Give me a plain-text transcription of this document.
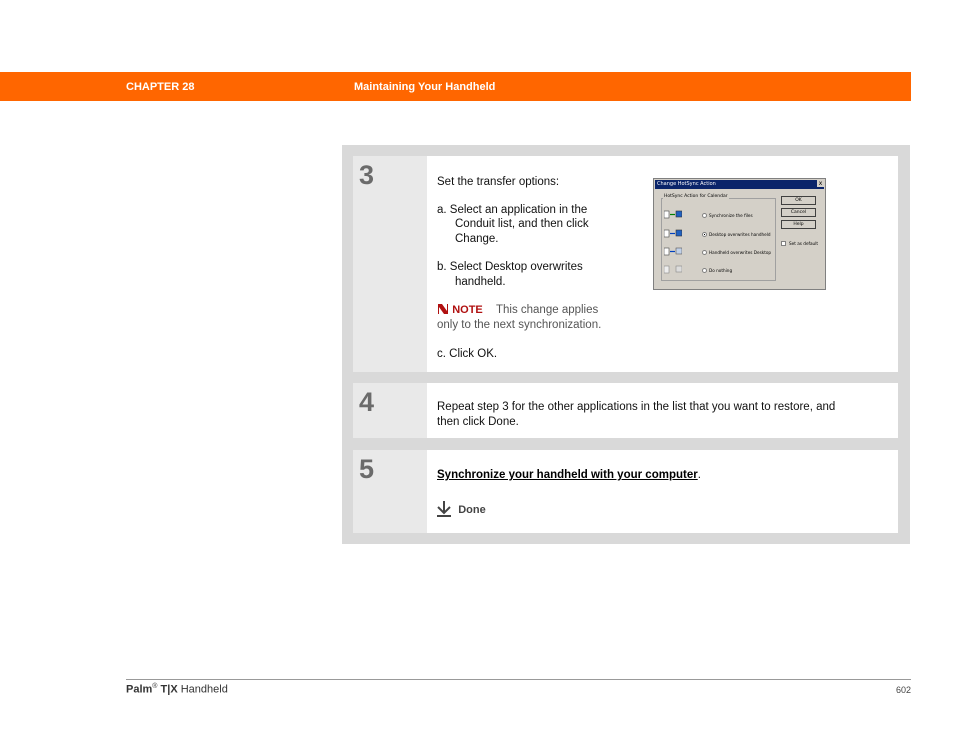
CHAPTER 28	Maintaining Your Handheld
3	Set the transfer options:
a. Select an application in the
Conduit list, and then click
Change.
b. Select Desktop overwrites
handheld.
NOTE This change applies
only to the next synchronization.
c. Click OK.
4	Repeat step 3 for the other applications in the list that you want to restore, and
then click Done.
5	Synchronize your handheld with your computer.
Done
Change HotSync Action	x
HotSync Action for Calendar
Synchronize the files
Desktop overwrites handheld
Handheld overwrites Desktop
Do nothing
OK
Cancel
Help
Set as default
Palm® T|X Handheld	602
